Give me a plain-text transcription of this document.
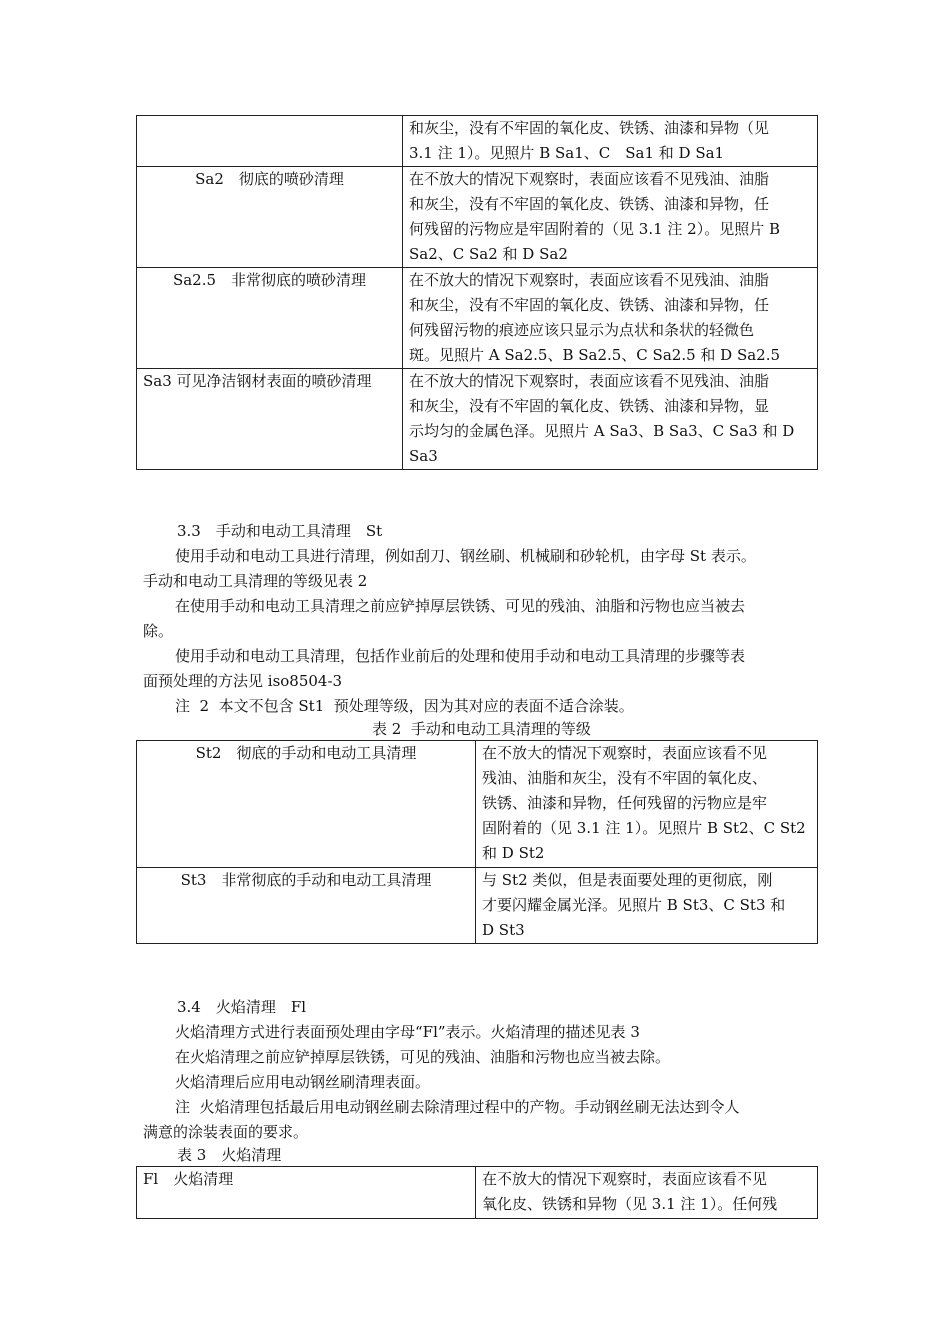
	和灰尘，没有不牢固的氧化皮、铁锈、油漆和异物（见
3.1 注 1）。见照片 B Sa1、C　Sa1 和 D Sa1
Sa2　彻底的喷砂清理	在不放大的情况下观察时，表面应该看不见残油、油脂
和灰尘，没有不牢固的氧化皮、铁锈、油漆和异物，任
何残留的污物应是牢固附着的（见 3.1 注 2）。见照片 B
Sa2、C Sa2 和 D Sa2
Sa2.5　非常彻底的喷砂清理	在不放大的情况下观察时，表面应该看不见残油、油脂
和灰尘，没有不牢固的氧化皮、铁锈、油漆和异物，任
何残留污物的痕迹应该只显示为点状和条状的轻微色
斑。见照片 A Sa2.5、B Sa2.5、C Sa2.5 和 D Sa2.5
Sa3 可见净洁钢材表面的喷砂清理	在不放大的情况下观察时，表面应该看不见残油、油脂
和灰尘，没有不牢固的氧化皮、铁锈、油漆和异物，显
示均匀的金属色泽。见照片 A Sa3、B Sa3、C Sa3 和 D
Sa3
3.3　手动和电动工具清理　St
使用手动和电动工具进行清理，例如刮刀、钢丝刷、机械刷和砂轮机，由字母 St 表示。
手动和电动工具清理的等级见表 2
在使用手动和电动工具清理之前应铲掉厚层铁锈、可见的残油、油脂和污物也应当被去
除。
使用手动和电动工具清理，包括作业前后的处理和使用手动和电动工具清理的步骤等表
面预处理的方法见 iso8504-3
注  2  本文不包含 St1  预处理等级，因为其对应的表面不适合涂装。
表 2  手动和电动工具清理的等级
St2　彻底的手动和电动工具清理	在不放大的情况下观察时，表面应该看不见
残油、油脂和灰尘，没有不牢固的氧化皮、
铁锈、油漆和异物，任何残留的污物应是牢
固附着的（见 3.1 注 1）。见照片 B St2、C St2
和 D St2
St3　非常彻底的手动和电动工具清理	与 St2 类似，但是表面要处理的更彻底，刚
才要闪耀金属光泽。见照片 B St3、C St3 和
D St3
3.4　火焰清理　Fl
火焰清理方式进行表面预处理由字母“Fl”表示。火焰清理的描述见表 3
在火焰清理之前应铲掉厚层铁锈，可见的残油、油脂和污物也应当被去除。
火焰清理后应用电动钢丝刷清理表面。
注  火焰清理包括最后用电动钢丝刷去除清理过程中的产物。手动钢丝刷无法达到令人
满意的涂装表面的要求。
表 3　火焰清理
Fl　火焰清理	在不放大的情况下观察时，表面应该看不见
氧化皮、铁锈和异物（见 3.1 注 1）。任何残
